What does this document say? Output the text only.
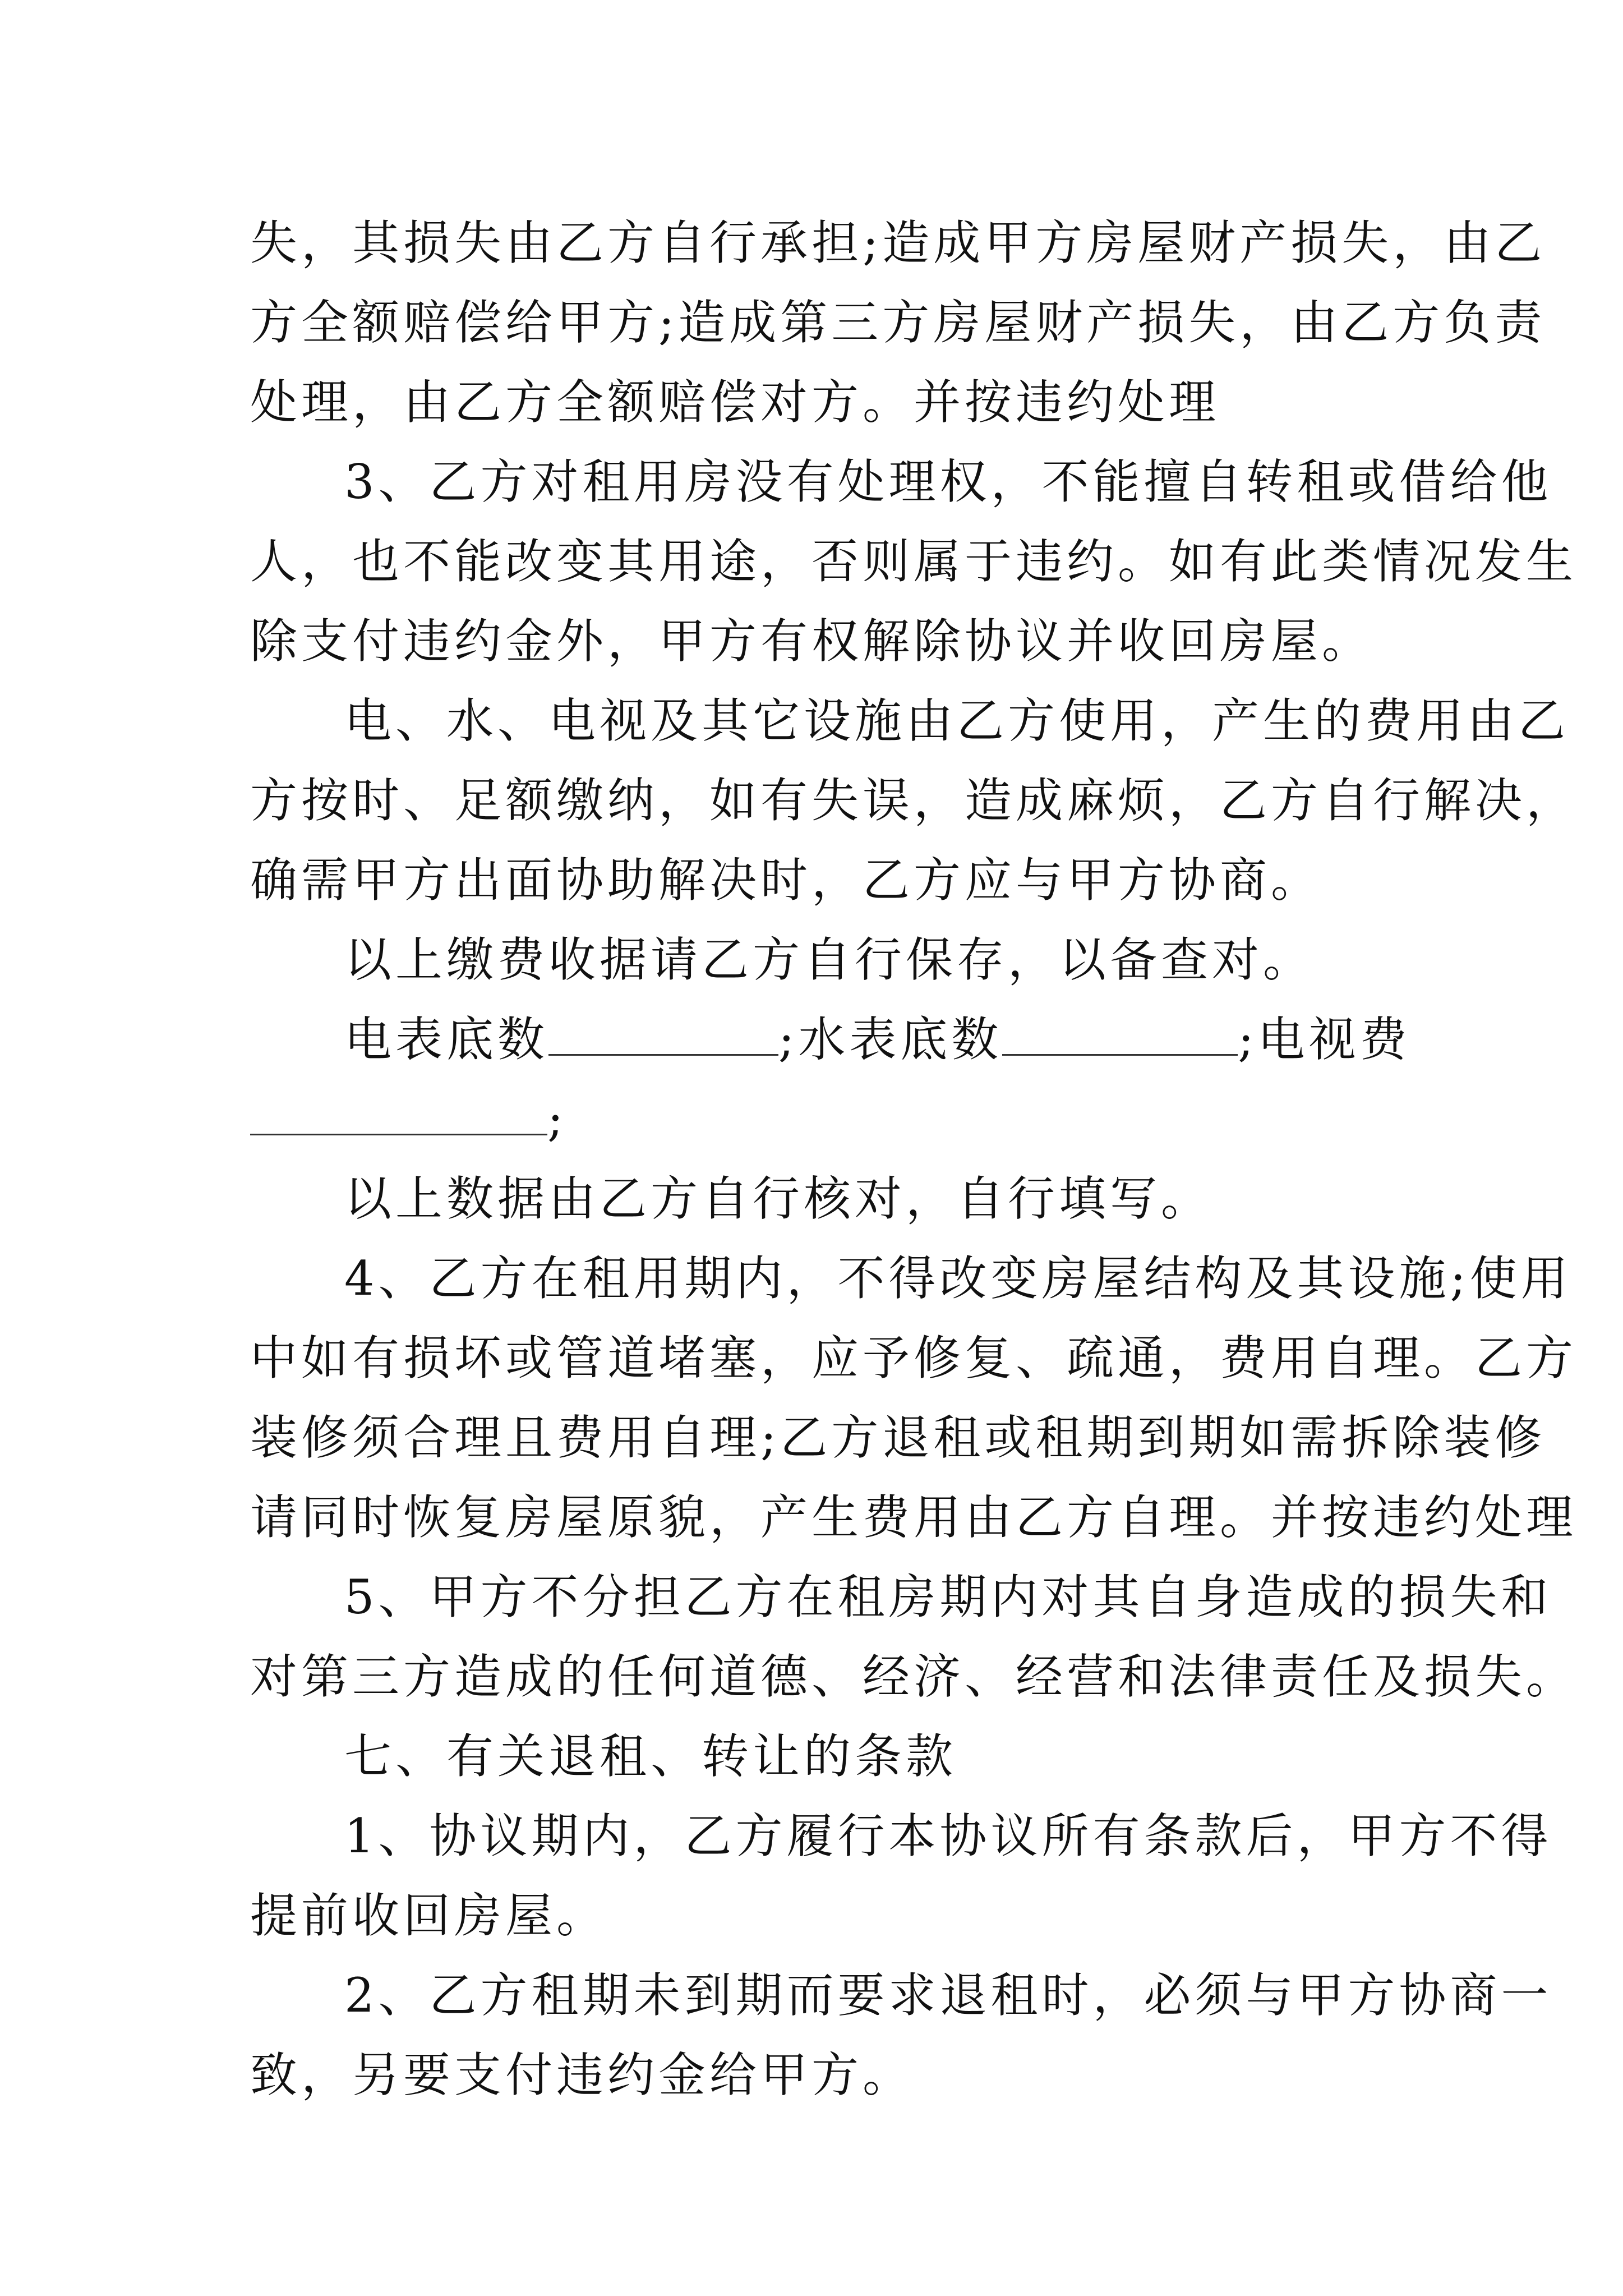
失，其损失由乙方自行承担;造成甲方房屋财产损失，由乙
方全额赔偿给甲方;造成第三方房屋财产损失，由乙方负责
处理，由乙方全额赔偿对方。并按违约处理

3、乙方对租用房没有处理权，不能擅自转租或借给他
人，也不能改变其用途，否则属于违约。如有此类情况发生
除支付违约金外，甲方有权解除协议并收回房屋。

电、水、电视及其它设施由乙方使用，产生的费用由乙
方按时、足额缴纳，如有失误，造成麻烦，乙方自行解决，
确需甲方出面协助解决时，乙方应与甲方协商。

以上缴费收据请乙方自行保存，以备查对。

电表底数	;水表底数	;电视费
;

以上数据由乙方自行核对，自行填写。

4、乙方在租用期内，不得改变房屋结构及其设施;使用
中如有损坏或管道堵塞，应予修复、疏通，费用自理。乙方
装修须合理且费用自理;乙方退租或租期到期如需拆除装修
请同时恢复房屋原貌，产生费用由乙方自理。并按违约处理

5、甲方不分担乙方在租房期内对其自身造成的损失和
对第三方造成的任何道德、经济、经营和法律责任及损失。

七、有关退租、转让的条款

1、协议期内，乙方履行本协议所有条款后，甲方不得
提前收回房屋。

2、乙方租期未到期而要求退租时，必须与甲方协商一
致，另要支付违约金给甲方。
